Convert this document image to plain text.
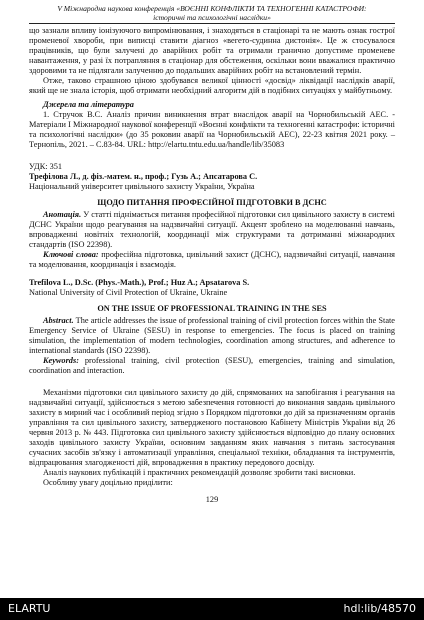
V Міжнародна наукова конференція «ВОЄННІ КОНФЛІКТИ ТА ТЕХНОГЕННІ КАТАСТРОФИ:
історичні та психологічні наслідки»

що зазнали впливу іонізуючого випромінювання, і знаходяться в стаціонарі та не мають ознак гострої променевої хвороби, при виписці ставити діагноз «вегето-судинна дистонія». Це ж стосувалося працівників, що були залучені до аварійних робіт та отримали гранично допустиме променеве навантаження, у разі їх потрапляння в стаціонар для обстеження, оскільки вони вважалися практично здоровими та не підлягали залученню до подальших аварійних робіт на встановлений термін.

Отже, таково страшною ціною здобувався великої цінності «досвід» ліквідації наслідків аварії, який ще не знала історія, щоб отримати необхідний алгоритм дій в подібних ситуаціях у майбутньому.

Джерела та література

1. Стручок В.С. Аналіз причин виникнення втрат внаслідок аварії на Чорнобильській АЕС. - Матеріали I Міжнародної наукової конференції «Воєнні конфлікти та техногенні катастрофи: історичні та психологічні наслідки» (до 35 роковин аварії на Чорнобильській АЕС), 22-23 квітня 2021 року. – Тернопіль, 2021. – С.83-84. URL: http://elartu.tntu.edu.ua/handle/lib/35083

УДК: 351
Трефілова Л., д. фіз.-матем. н., проф.; Гузь А.; Апсатарова С.
Національний університет цивільного захисту України, Україна
ЩОДО ПИТАННЯ ПРОФЕСІЙНОЇ ПІДГОТОВКИ В ДСНС

Анотація. У статті піднімається питання професійної підготовки сил цивільного захисту в системі ДСНС України щодо реагування на надзвичайні ситуації. Акцент зроблено на моделюванні навчань, впровадженні новітніх технологій, координації між структурами та дотриманні міжнародних стандартів (ISO 22398).

Ключові слова: професійна підготовка, цивільний захист (ДСНС), надзвичайні ситуації, навчання та моделювання, координація і взаємодія.

Trefilova L., D.Sc. (Phys.-Math.), Prof.; Huz A.; Apsatarova S.
National University of Civil Protection of Ukraine, Ukraine
ON THE ISSUE OF PROFESSIONAL TRAINING IN THE SES

Abstract. The article addresses the issue of professional training of civil protection forces within the State Emergency Service of Ukraine (SESU) in response to emergencies. The focus is placed on training simulation, the implementation of modern technologies, coordination among structures, and adherence to international standards (ISO 22398).

Keywords: professional training, civil protection (SESU), emergencies, training and simulation, coordination and interaction.

Механізми підготовки сил цивільного захисту до дій, спрямованих на запобігання і реагування на надзвичайні ситуації, здійснюється з метою забезпечення готовності до виконання завдань цивільного захисту в мирний час і особливий період згідно з Порядком підготовки до дій за призначенням органів управління та сил цивільного захисту, затвердженого постановою Кабінету Міністрів України від 26 червня 2013 р. № 443. Підготовка сил цивільного захисту здійснюється відповідно до плану основних заходів цивільного захисту України, основним завданням яких навчання з питань застосування сучасних засобів зв'язку і автоматизації управління, спеціальної техніки, обладнання та інструментів, відпрацювання злагодженості дій, впровадження в практику передового досвіду.

Аналіз наукових публікацій і практичних рекомендацій дозволяє зробити такі висновки.

Особливу увагу доцільно приділити:

129
ELARTU	hdl:lib/48570
